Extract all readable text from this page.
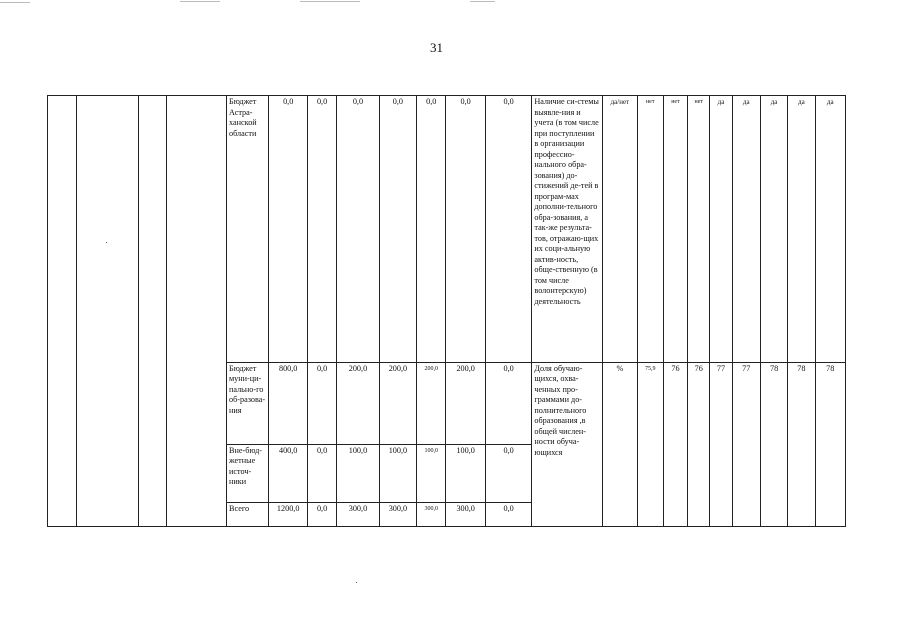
31
				Бюджет Астра-ханской области	0,0	0,0	0,0	0,0	0,0	0,0	0,0	Наличие си-стемы выявле-ния и учета (в том числе при поступлении в организации профессио-нального обра-зования) до-стижений де-тей в програм-мах дополни-тельного обра-зования, а так-же результа-тов, отражаю-щих их соци-альную актив-ность, обще-ственную (в том числе волонтерскую) деятельность	да/нет	нет	нет	нет	да	да	да	да	да
				Бюджет муни-ци-пально-го об-разова-ния	800,0	0,0	200,0	200,0	200,0	200,0	0,0	Доля обучаю-щихся, охва-ченных про-граммами до-полнительного образования ,в общей числен-ности обуча-ющихся	%	75,9	76	76	77	77	78	78	78
				Вне-бюд-жетные источ-ники	400,0	0,0	100,0	100,0	100,0	100,0	0,0										
				Всего	1200,0	0,0	300,0	300,0	300,0	300,0	0,0										
